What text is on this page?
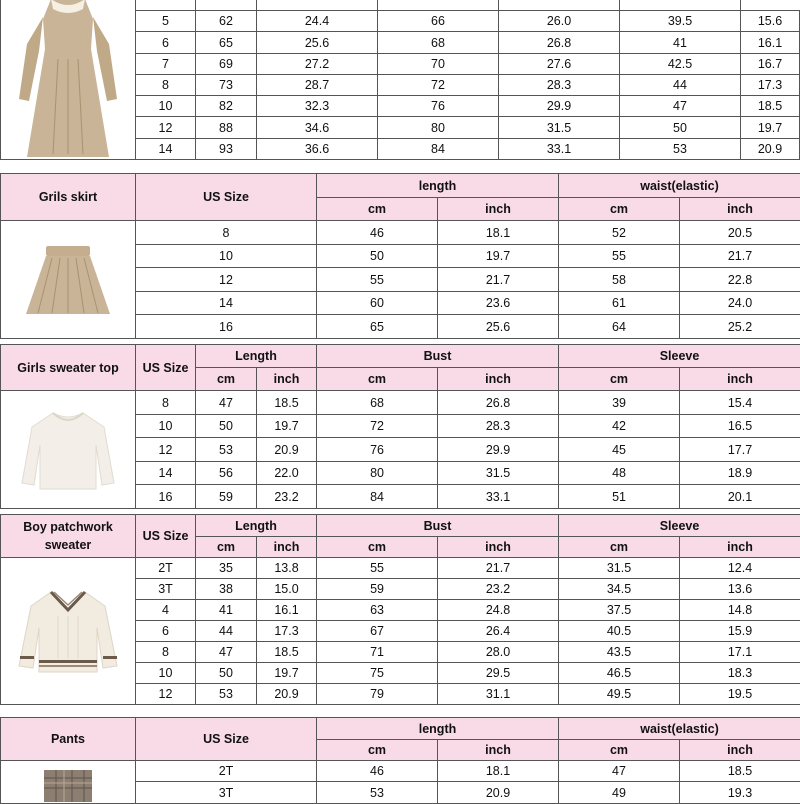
	5	62	24.4	66	26.0	39.5	15.6
	6	65	25.6	68	26.8	41	16.1
	7	69	27.2	70	27.6	42.5	16.7
	8	73	28.7	72	28.3	44	17.3
	10	82	32.3	76	29.9	47	18.5
	12	88	34.6	80	31.5	50	19.7
	14	93	36.6	84	33.1	53	20.9
Grils skirt	US Size	length		waist(elastic)	
		cm	inch	cm	inch

	8	46	18.1	52	20.5
	10	50	19.7	55	21.7
	12	55	21.7	58	22.8
	14	60	23.6	61	24.0
	16	65	25.6	64	25.2
Girls sweater top	US Size	Length		Bust		Sleeve	
		cm	inch	cm	inch	cm	inch

	8	47	18.5	68	26.8	39	15.4
	10	50	19.7	72	28.3	42	16.5
	12	53	20.9	76	29.9	45	17.7
	14	56	22.0	80	31.5	48	18.9
	16	59	23.2	84	33.1	51	20.1
Boy patchwork sweater	US Size	Length		Bust		Sleeve	
		cm	inch	cm	inch	cm	inch

	2T	35	13.8	55	21.7	31.5	12.4
	3T	38	15.0	59	23.2	34.5	13.6
	4	41	16.1	63	24.8	37.5	14.8
	6	44	17.3	67	26.4	40.5	15.9
	8	47	18.5	71	28.0	43.5	17.1
	10	50	19.7	75	29.5	46.5	18.3
	12	53	20.9	79	31.1	49.5	19.5
Pants	US Size	length		waist(elastic)	
		cm	inch	cm	inch

	2T	46	18.1	47	18.5
	3T	53	20.9	49	19.3
